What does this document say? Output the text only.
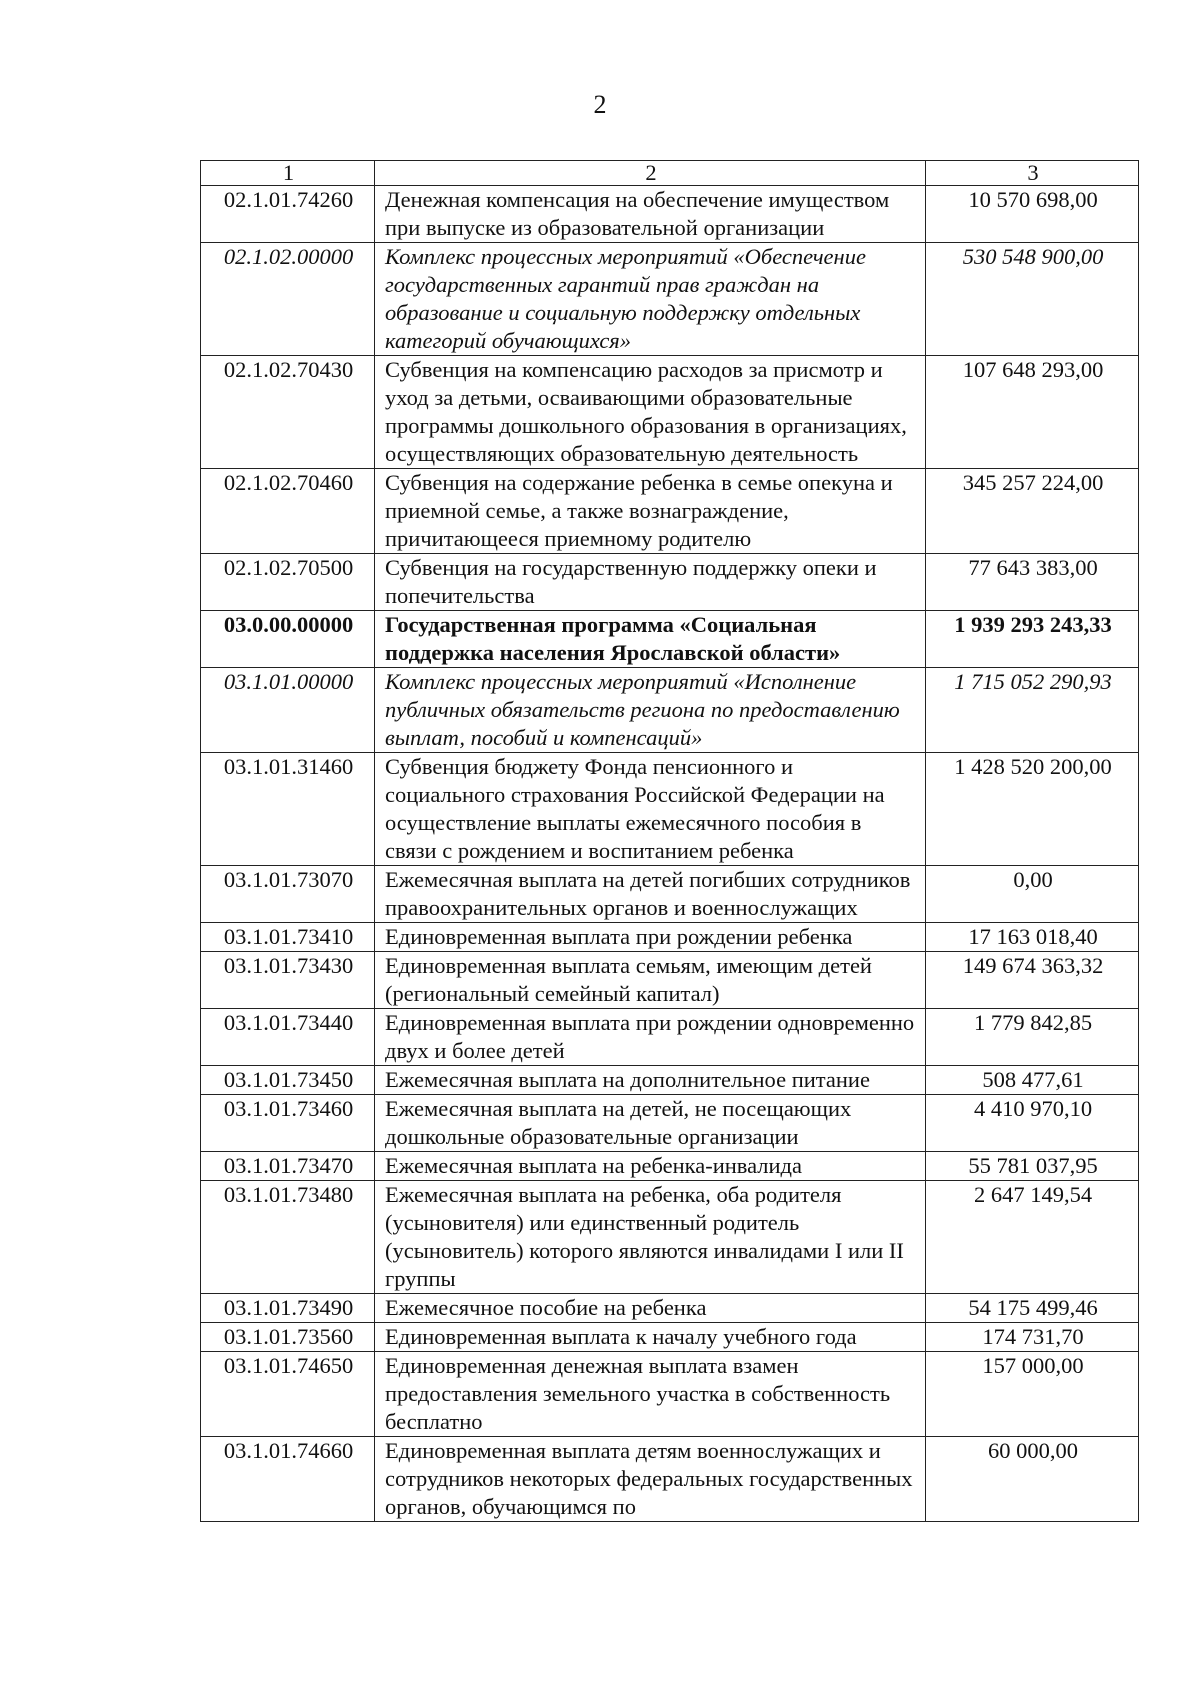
2
1	2	3
02.1.01.74260	Денежная компенсация на обеспечение имуществом при выпуске из образовательной организации	10 570 698,00
02.1.02.00000	Комплекс процессных мероприятий «Обеспечение государственных гарантий прав граждан на образование и социальную поддержку отдельных категорий обучающихся»	530 548 900,00
02.1.02.70430	Субвенция на компенсацию расходов за присмотр и уход за детьми, осваивающими образовательные программы дошкольного образования в организациях, осуществляющих образовательную деятельность	107 648 293,00
02.1.02.70460	Субвенция на содержание ребенка в семье опекуна и приемной семье, а также вознаграждение, причитающееся приемному родителю	345 257 224,00
02.1.02.70500	Субвенция на государственную поддержку опеки и попечительства	77 643 383,00
03.0.00.00000	Государственная программа «Социальная поддержка населения Ярославской области»	1 939 293 243,33
03.1.01.00000	Комплекс процессных мероприятий «Исполнение публичных обязательств региона по предоставлению выплат, пособий и компенсаций»	1 715 052 290,93
03.1.01.31460	Субвенция бюджету Фонда пенсионного и социального страхования Российской Федерации на осуществление выплаты ежемесячного пособия в связи с рождением и воспитанием ребенка	1 428 520 200,00
03.1.01.73070	Ежемесячная выплата на детей погибших сотрудников правоохранительных органов и военнослужащих	0,00
03.1.01.73410	Единовременная выплата при рождении ребенка	17 163 018,40
03.1.01.73430	Единовременная выплата семьям, имеющим детей (региональный семейный капитал)	149 674 363,32
03.1.01.73440	Единовременная выплата при рождении одновременно двух и более детей	1 779 842,85
03.1.01.73450	Ежемесячная выплата на дополнительное питание	508 477,61
03.1.01.73460	Ежемесячная выплата на детей, не посещающих дошкольные образовательные организации	4 410 970,10
03.1.01.73470	Ежемесячная выплата на ребенка-инвалида	55 781 037,95
03.1.01.73480	Ежемесячная выплата на ребенка, оба родителя (усыновителя) или единственный родитель (усыновитель) которого являются инвалидами I или II группы	2 647 149,54
03.1.01.73490	Ежемесячное пособие на ребенка	54 175 499,46
03.1.01.73560	Единовременная выплата к началу учебного года	174 731,70
03.1.01.74650	Единовременная денежная выплата взамен предоставления земельного участка в собственность бесплатно	157 000,00
03.1.01.74660	Единовременная выплата детям военнослужащих и сотрудников некоторых федеральных государственных органов, обучающимся по	60 000,00
